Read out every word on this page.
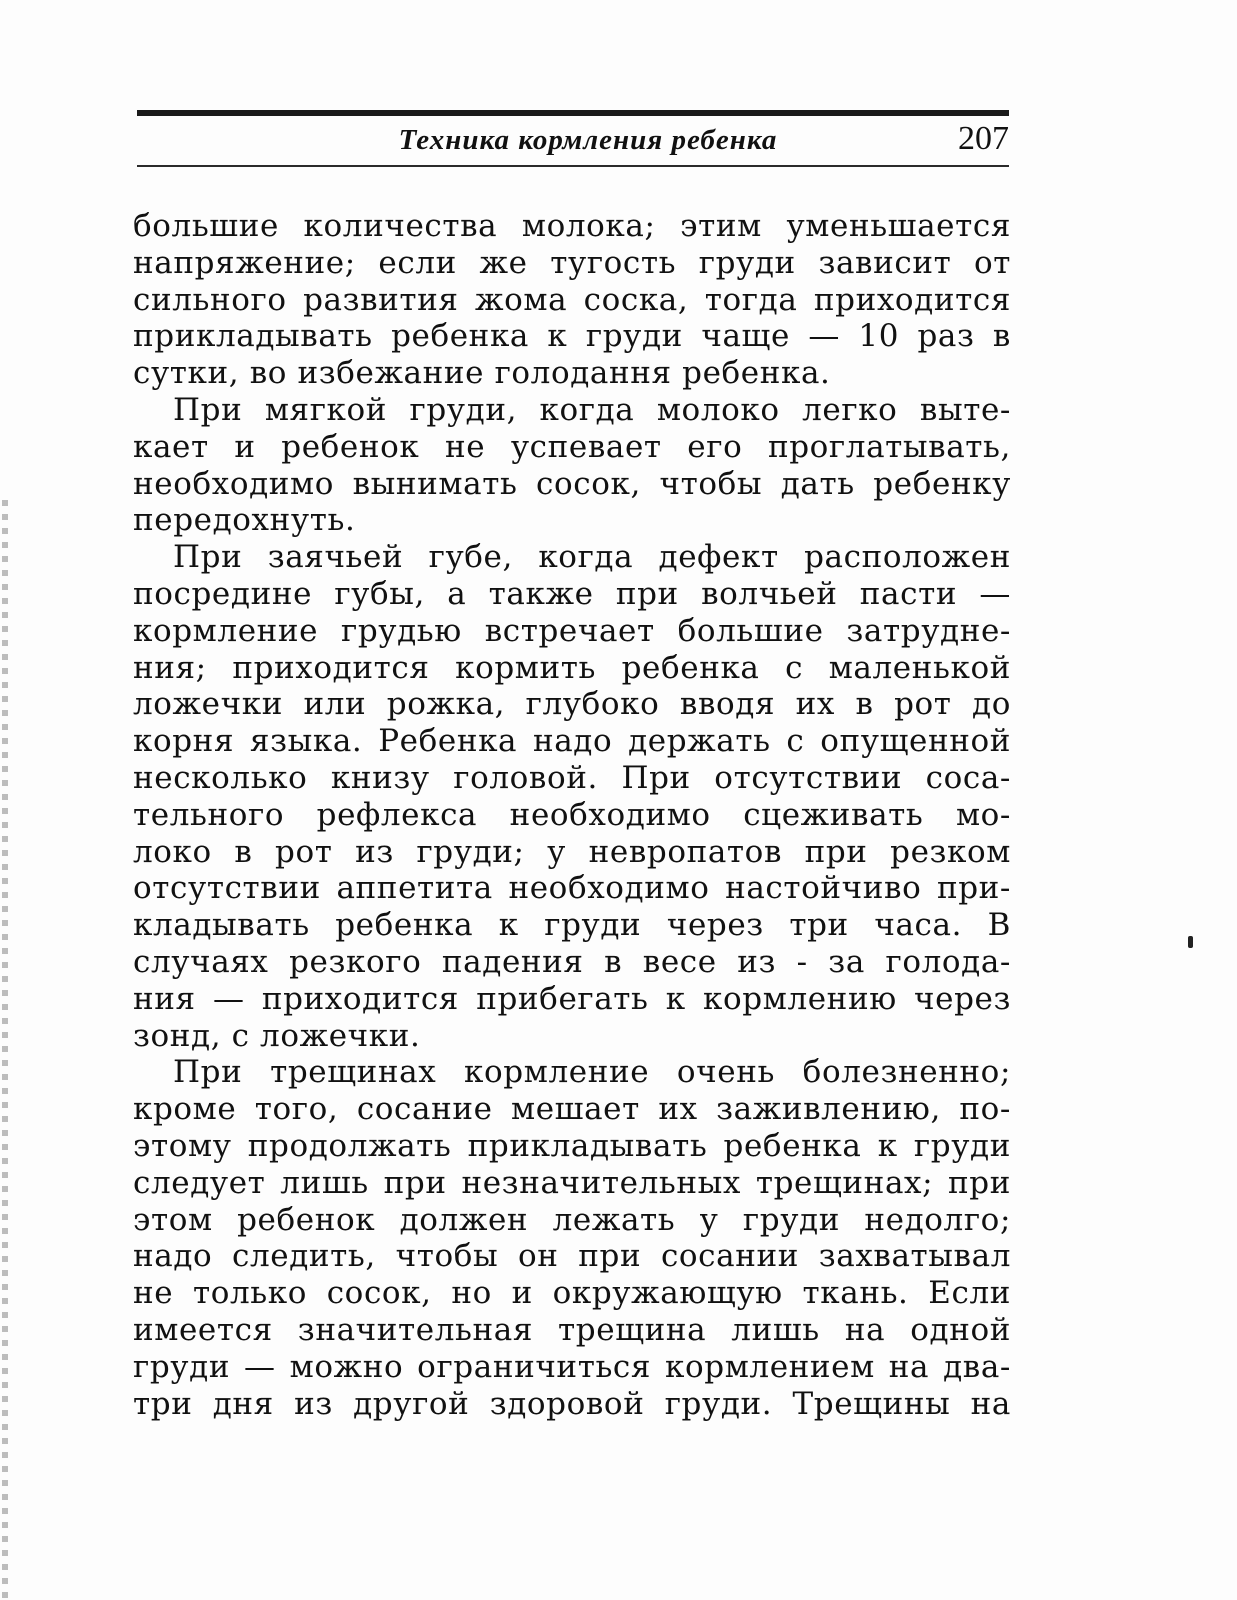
Техника кормления ребенка	207
большие количества молока; этим уменьшается
напряжение; если же тугость груди зависит от
сильного развития жома соска, тогда приходится
прикладывать ребенка к груди чаще — 10 раз в
сутки, во избежание голодання ребенка.
При мягкой груди, когда молоко легко выте-
кает и ребенок не успевает его проглатывать,
необходимо вынимать сосок, чтобы дать ребенку
передохнуть.
При заячьей губе, когда дефект расположен
посредине губы, а также при волчьей пасти —
кормление грудью встречает большие затрудне-
ния; приходится кормить ребенка с маленькой
ложечки или рожка, глубоко вводя их в рот до
корня языка. Ребенка надо держать с опущенной
несколько книзу головой. При отсутствии соса-
тельного рефлекса необходимо сцеживать мо-
локо в рот из груди; у невропатов при резком
отсутствии аппетита необходимо настойчиво при-
кладывать ребенка к груди через три часа. В
случаях резкого падения в весе из - за голода-
ния — приходится прибегать к кормлению через
зонд, с ложечки.
При трещинах кормление очень болезненно;
кроме того, сосание мешает их заживлению, по-
этому продолжать прикладывать ребенка к груди
следует лишь при незначительных трещинах; при
этом ребенок должен лежать у груди недолго;
надо следить, чтобы он при сосании захватывал
не только сосок, но и окружающую ткань. Если
имеется значительная трещина лишь на одной
груди — можно ограничиться кормлением на два-
три дня из другой здоровой груди. Трещины на
